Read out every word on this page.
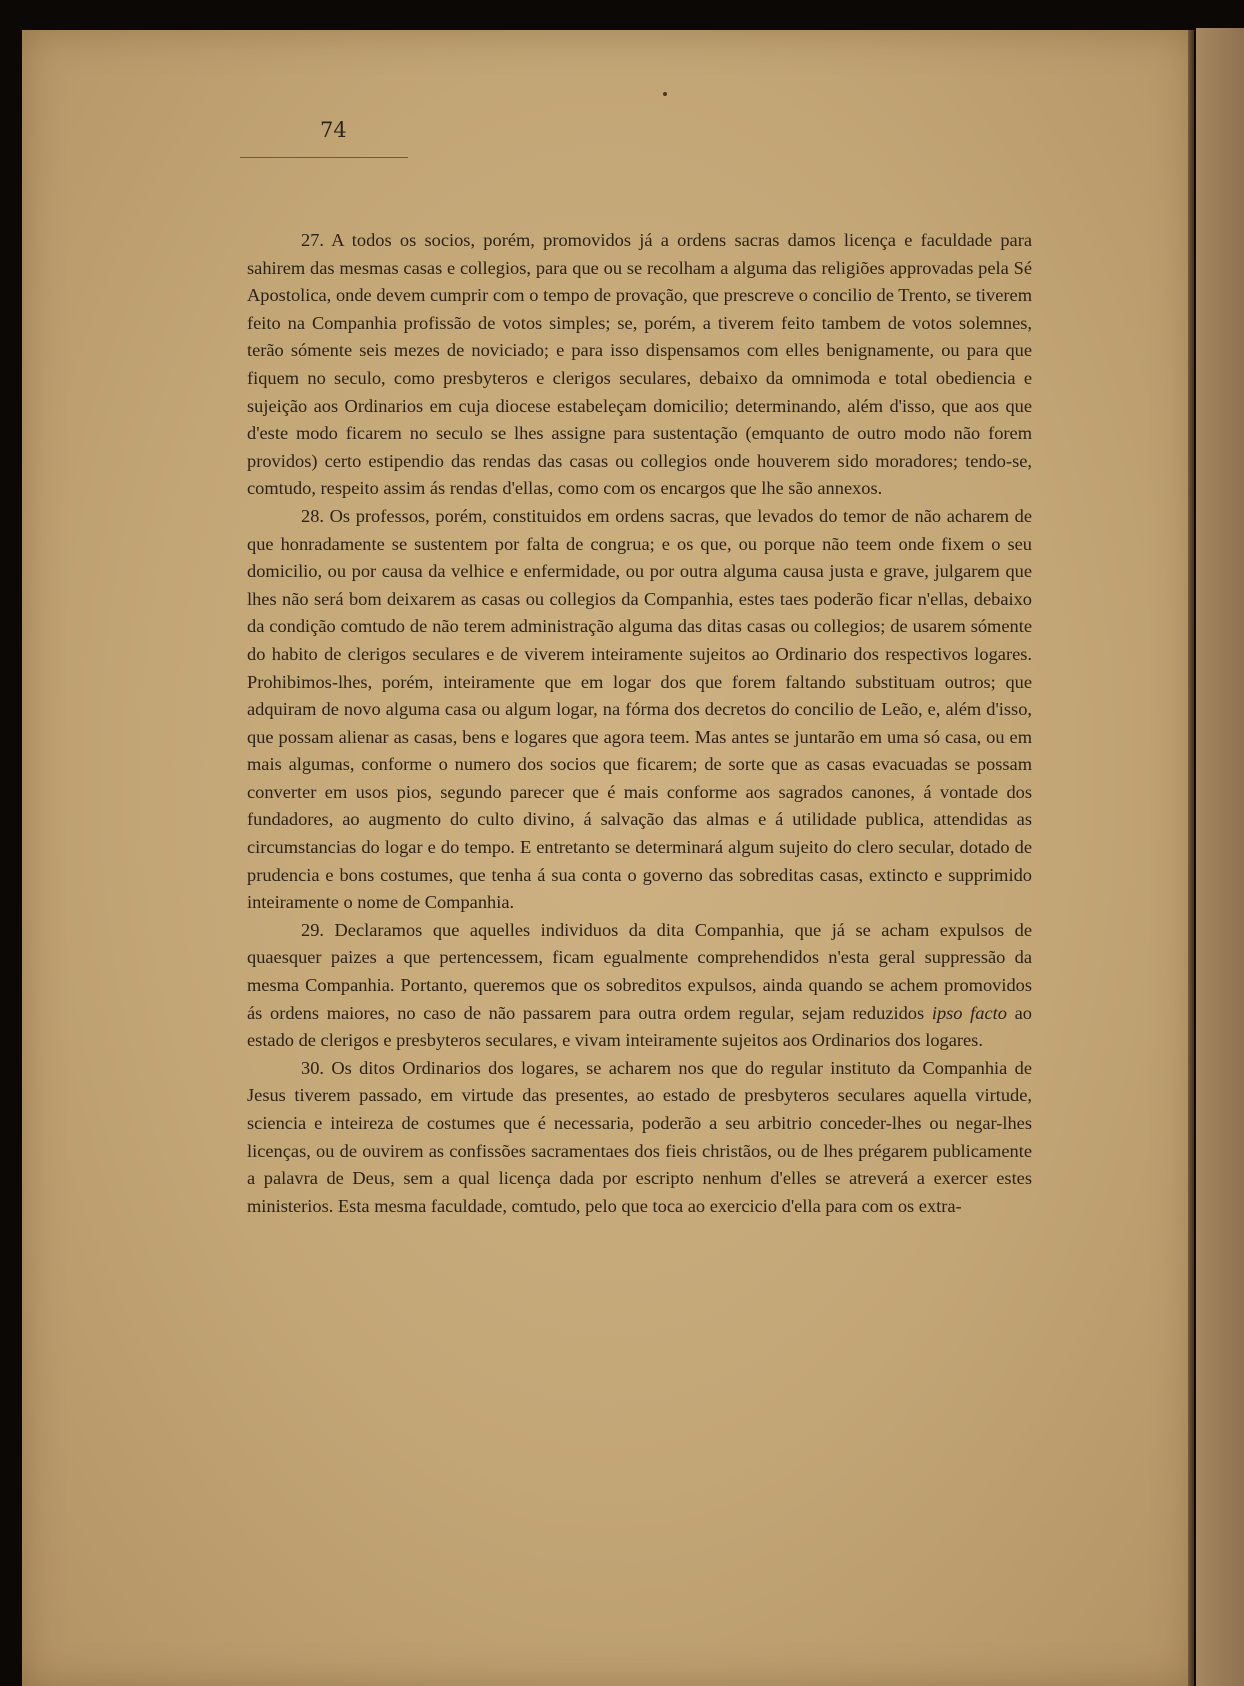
74

27. A todos os socios, porém, promovidos já a ordens sacras damos licença e faculdade para sahirem das mesmas casas e collegios, para que ou se recolham a alguma das religiões approvadas pela Sé Apostolica, onde devem cumprir com o tempo de provação, que prescreve o concilio de Trento, se tiverem feito na Companhia profissão de votos simples; se, porém, a tiverem feito tambem de votos solemnes, terão sómente seis mezes de noviciado; e para isso dispensamos com elles benignamente, ou para que fiquem no seculo, como presbyteros e clerigos seculares, debaixo da omnimoda e total obediencia e sujeição aos Ordinarios em cuja diocese estabeleçam domicilio; determinando, além d'isso, que aos que d'este modo ficarem no seculo se lhes assigne para sustentação (emquanto de outro modo não forem providos) certo estipendio das rendas das casas ou collegios onde houverem sido moradores; tendo-se, comtudo, respeito assim ás rendas d'ellas, como com os encargos que lhe são annexos.

28. Os professos, porém, constituidos em ordens sacras, que levados do temor de não acharem de que honradamente se sustentem por falta de congrua; e os que, ou porque não teem onde fixem o seu domicilio, ou por causa da velhice e enfermidade, ou por outra alguma causa justa e grave, julgarem que lhes não será bom deixarem as casas ou collegios da Companhia, estes taes poderão ficar n'ellas, debaixo da condição comtudo de não terem administração alguma das ditas casas ou collegios; de usarem sómente do habito de clerigos seculares e de viverem inteiramente sujeitos ao Ordinario dos respectivos logares. Prohibimos-lhes, porém, inteiramente que em logar dos que forem faltando substituam outros; que adquiram de novo alguma casa ou algum logar, na fórma dos decretos do concilio de Leão, e, além d'isso, que possam alienar as casas, bens e logares que agora teem. Mas antes se juntarão em uma só casa, ou em mais algumas, conforme o numero dos socios que ficarem; de sorte que as casas evacuadas se possam converter em usos pios, segundo parecer que é mais conforme aos sagrados canones, á vontade dos fundadores, ao augmento do culto divino, á salvação das almas e á utilidade publica, attendidas as circumstancias do logar e do tempo. E entretanto se determinará algum sujeito do clero secular, dotado de prudencia e bons costumes, que tenha á sua conta o governo das sobreditas casas, extincto e supprimido inteiramente o nome de Companhia.

29. Declaramos que aquelles individuos da dita Companhia, que já se acham expulsos de quaesquer paizes a que pertencessem, ficam egualmente comprehendidos n'esta geral suppressão da mesma Companhia. Portanto, queremos que os sobreditos expulsos, ainda quando se achem promovidos ás ordens maiores, no caso de não passarem para outra ordem regular, sejam reduzidos ipso facto ao estado de clerigos e presbyteros seculares, e vivam inteiramente sujeitos aos Ordinarios dos logares.

30. Os ditos Ordinarios dos logares, se acharem nos que do regular instituto da Companhia de Jesus tiverem passado, em virtude das presentes, ao estado de presbyteros seculares aquella virtude, sciencia e inteireza de costumes que é necessaria, poderão a seu arbitrio conceder-lhes ou negar-lhes licenças, ou de ouvirem as confissões sacramentaes dos fieis christãos, ou de lhes prégarem publicamente a palavra de Deus, sem a qual licença dada por escripto nenhum d'elles se atreverá a exercer estes ministerios. Esta mesma faculdade, comtudo, pelo que toca ao exercicio d'ella para com os extra-
